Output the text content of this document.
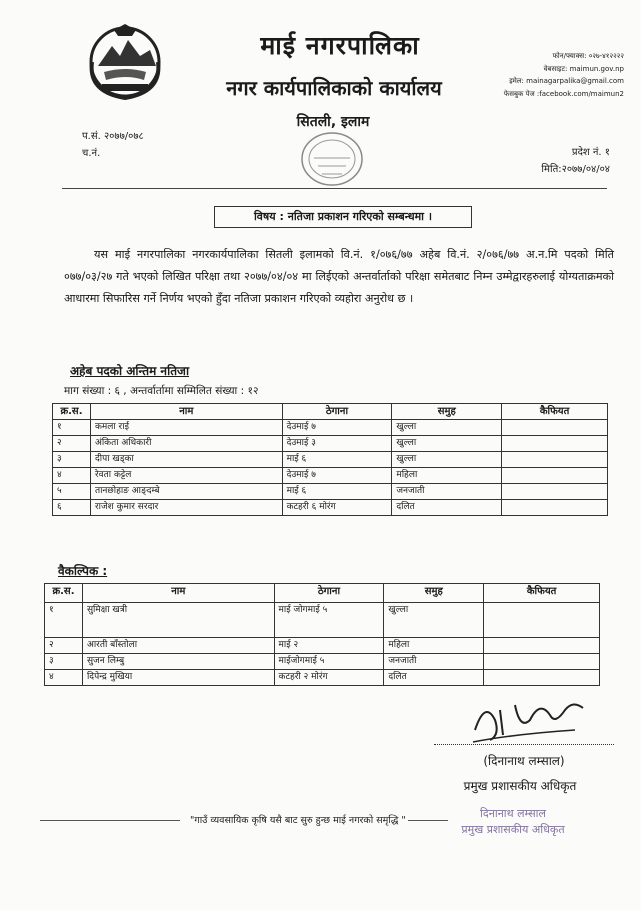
माई नगरपालिका
नगर कार्यपालिकाको कार्यालय
सितली, इलाम
फोन/फ्याक्स: ०२७-४१२२२२
वेबसाइट: maimun.gov.np
इमेल: mainagarpalika@gmail.com
फेसबुक पेज :facebook.com/maimun2
प.सं. २०७७/०७८
च.नं.	प्रदेश नं. १
मिति:२०७७/०४/०४
विषय : नतिजा प्रकाशन गरिएको सम्बन्धमा ।
यस माई नगरपालिका नगरकार्यपालिका सितली इलामको वि.नं. १/०७६/७७ अहेब वि.नं. २/०७६/७७ अ.न.मि पदको मिति ०७७/०३/२७ गते भएको लिखित परिक्षा तथा २०७७/०४/०४ मा लिईएको अन्तर्वार्ताको परिक्षा समेतबाट निम्न उम्मेद्वारहरुलाई योग्यताक्रमको आधारमा सिफारिस गर्ने निर्णय भएको हुँदा नतिजा प्रकाशन गरिएको व्यहोरा अनुरोध छ ।
अहेब पदको अन्तिम नतिजा
माग संख्या : ६ , अन्तर्वार्तामा सम्मिलित संख्या : १२
क्र.स.	नाम	ठेगाना	समुह	कैफियत
१	कमला राई	देउमाई ७	खुल्ला	
२	अंकिता अधिकारी	देउमाई ३	खुल्ला	
३	दीपा खड्का	माई ६	खुल्ला	
४	रेवता कट्टेल	देउमाई ७	महिला	
५	तानछोहाङ आङ्‌दम्बे	माई ६	जनजाती	
६	राजेश कुमार सरदार	कटहरी ६ मोरंग	दलित	
वैकल्पिक :
क्र.स.	नाम	ठेगाना	समुह	कैफियत
१	सुमिक्षा खत्री	माई जोगमाई ५	खुल्ला	
२	आरती बाँस्तोला	माई २	महिला	
३	सुजन लिम्बु	माईजोगमाई ५	जनजाती	
४	दिपेन्द्र मुखिया	कटहरी २ मोरंग	दलित	
(दिनानाथ लम्साल)
प्रमुख प्रशासकीय अधिकृत
दिनानाथ लम्साल
प्रमुख प्रशासकीय अधिकृत
"गाउँ व्यवसायिक कृषि यसै बाट सुरु हुन्छ माई नगरको समृद्धि "
